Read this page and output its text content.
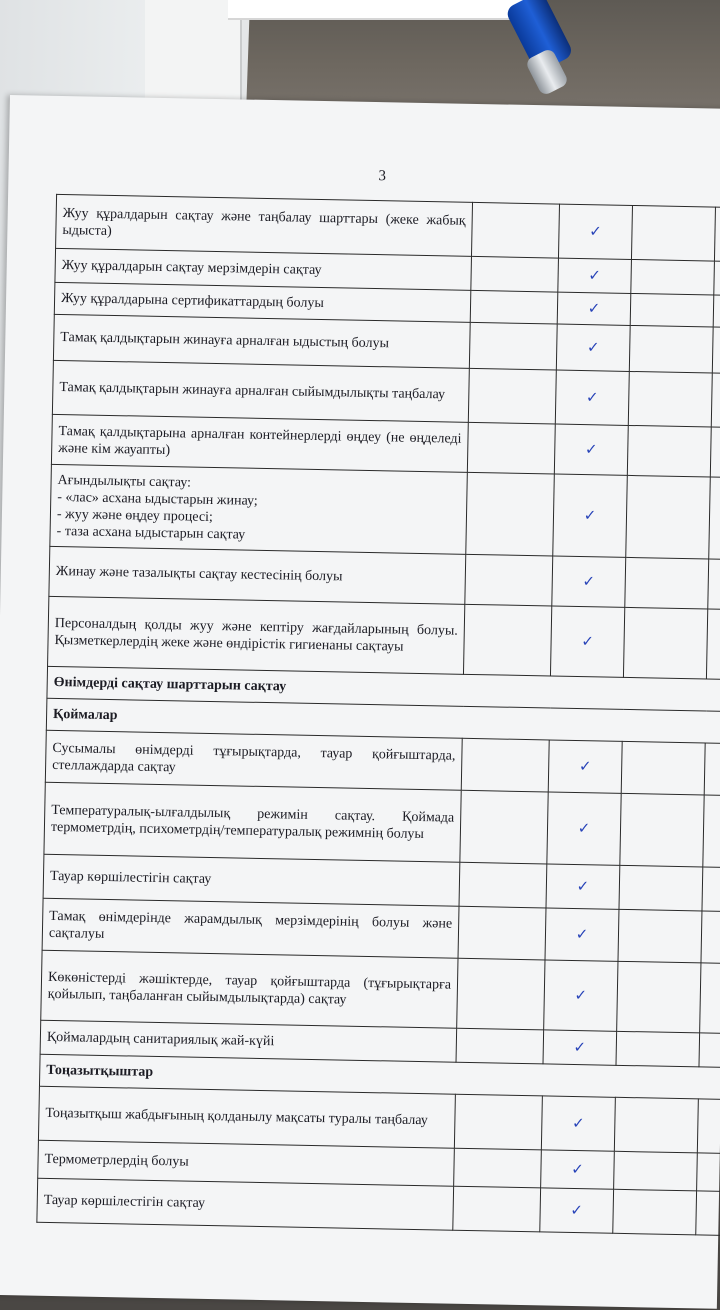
3
Жуу құралдарын сақтау және таңбалау шарттары (жеке жабық ыдыста)		✓		
Жуу құралдарын сақтау мерзімдерін сақтау		✓		
Жуу құралдарына сертификаттардың болуы		✓		
Тамақ қалдықтарын жинауға арналған ыдыстың болуы		✓		
Тамақ қалдықтарын жинауға арналған сыйымдылықты таңбалау		✓		
Тамақ қалдықтарына арналған контейнерлерді өңдеу (не өңделеді және кім жауапты)		✓		

Ағындылықты сақтау:
- «лас» асхана ыдыстарын жинау;
- жуу және өңдеу процесі;
- таза асхана ыдыстарын сақтау		✓		
Жинау және тазалықты сақтау кестесінің болуы		✓		
Персоналдың қолды жуу және кептіру жағдайларының болуы. Қызметкерлердің жеке және өндірістік гигиенаны сақтауы		✓		
Өнімдерді сақтау шарттарын сақтау				
Қоймалар				
Сусымалы өнімдерді тұғырықтарда, тауар қойғыштарда, стеллаждарда сақтау		✓		
Температуралық-ылғалдылық режимін сақтау. Қоймада термометрдің, психометрдің/температуралық режимнің болуы		✓		
Тауар көршілестігін сақтау		✓		
Тамақ өнімдерінде жарамдылық мерзімдерінің болуы және сақталуы		✓		
Көкөністерді жәшіктерде, тауар қойғыштарда (тұғырықтарға қойылып, таңбаланған сыйымдылықтарда) сақтау		✓		
Қоймалардың санитариялық жай-күйі		✓		
Тоңазытқыштар				
Тоңазытқыш жабдығының қолданылу мақсаты туралы таңбалау		✓		
Термометрлердің болуы		✓		
Тауар көршілестігін сақтау		✓		
